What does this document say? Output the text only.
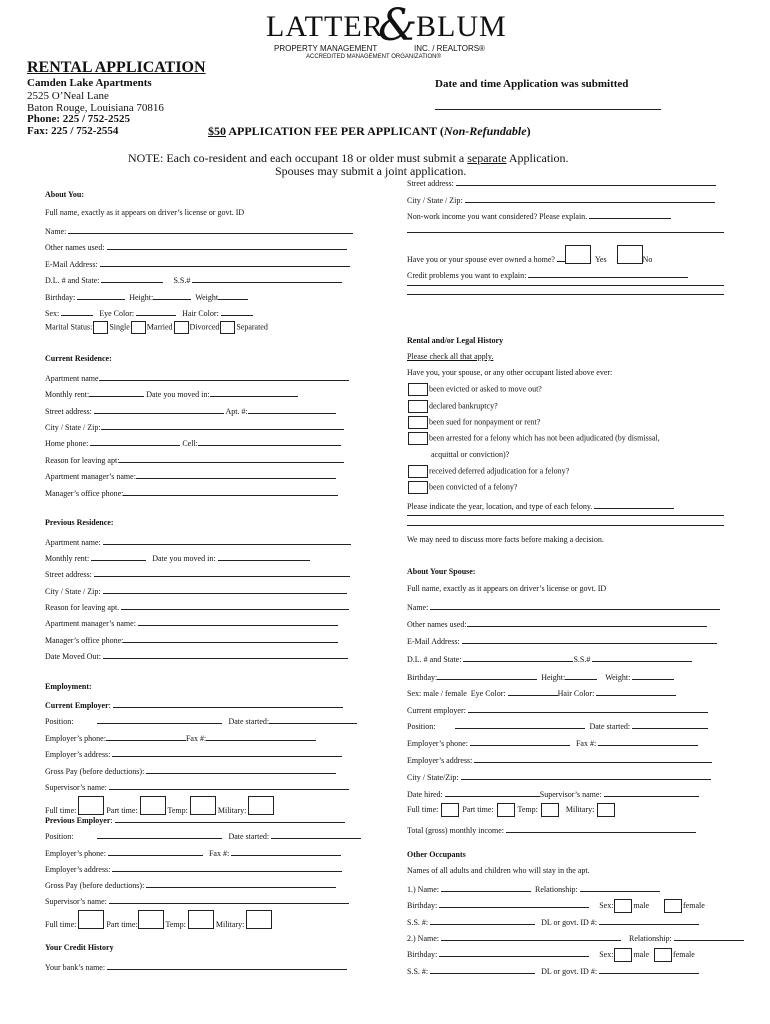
LATTER
&
BLUM
PROPERTY MANAGEMENT	INC. / REALTORS®
ACCREDITED MANAGEMENT ORGANIZATION®
RENTAL APPLICATION
Camden Lake Apartments
2525 O’Neal Lane
Baton Rouge, Louisiana 70816
Phone: 225 / 752-2525
Fax: 225 / 752-2554
Date and time Application was submitted
$50 APPLICATION FEE PER APPLICANT (Non-Refundable)
NOTE: Each co-resident and each occupant 18 or older must submit a separate Application.
Spouses may submit a joint application.
About You:
Full name, exactly as it appears on driver’s license or govt. ID
Name:
Other names used:
E-Mail Address:
D.L. # and State:	S.S.#
Birthday:	Height:	Weight
Sex:	Eye Color:	Hair Color:
Marital Status: Single Married Divorced Separated
Current Residence:
Apartment name
Monthly rent:	Date you moved in:
Street address:	Apt. #:
City / State / Zip:
Home phone:	Cell:
Reason for leaving apt:
Apartment manager’s name:
Manager’s office phone:
Previous Residence:
Apartment name:
Monthly rent:	Date you moved in:
Street address:
City / State / Zip:
Reason for leaving apt.
Apartment manager’s name:
Manager’s office phone:
Date Moved Out:
Employment:
Current Employer:
Position:	Date started:
Employer’s phone:	Fax #:
Employer’s address:
Gross Pay (before deductions):
Supervisor’s name:
Full time:	Part time:	Temp:	Military:
Previous Employer:
Position:	Date started:
Employer’s phone:	Fax #:
Employer’s address:
Gross Pay (before deductions):
Supervisor’s name:
Full time:	Part time:	Temp:	Military:
Your Credit History
Your bank’s name:
Street address:
City / State / Zip:
Non-work income you want considered? Please explain.
Have you or your spouse ever owned a home?	Yes	No
Credit problems you want to explain:
Rental and/or Legal History
Please check all that apply.
Have you, your spouse, or any other occupant listed above ever:
been evicted or asked to move out?
declared bankruptcy?
been sued for nonpayment or rent?
been arrested for a felony which has not been adjudicated (by dismissal,
acquittal or conviction)?
received deferred adjudication for a felony?
been convicted of a felony?
Please indicate the year, location, and type of each felony.
We may need to discuss more facts before making a decision.
About Your Spouse:
Full name, exactly as it appears on driver’s license or govt. ID
Name:
Other names used:
E-Mail Address:
D.L. # and State:	S.S.#
Birthday:	Height:	Weight:
Sex: male / female Eye Color:	Hair Color:
Current employer:
Position:	Date started:
Employer’s phone:	Fax #:
Employer’s address:
City / State/Zip:
Date hired:	Supervisor’s name:
Full time:	Part time:	Temp:	Military:
Total (gross) monthly income:
Other Occupants
Names of all adults and children who will stay in the apt.
1.) Name:	Relationship:
Birthday:	Sex:	male	female
S.S. #:	DL or govt. ID #:
2.) Name:	Relationship:
Birthday:	Sex:	male	female
S.S. #:	DL or govt. ID #:
